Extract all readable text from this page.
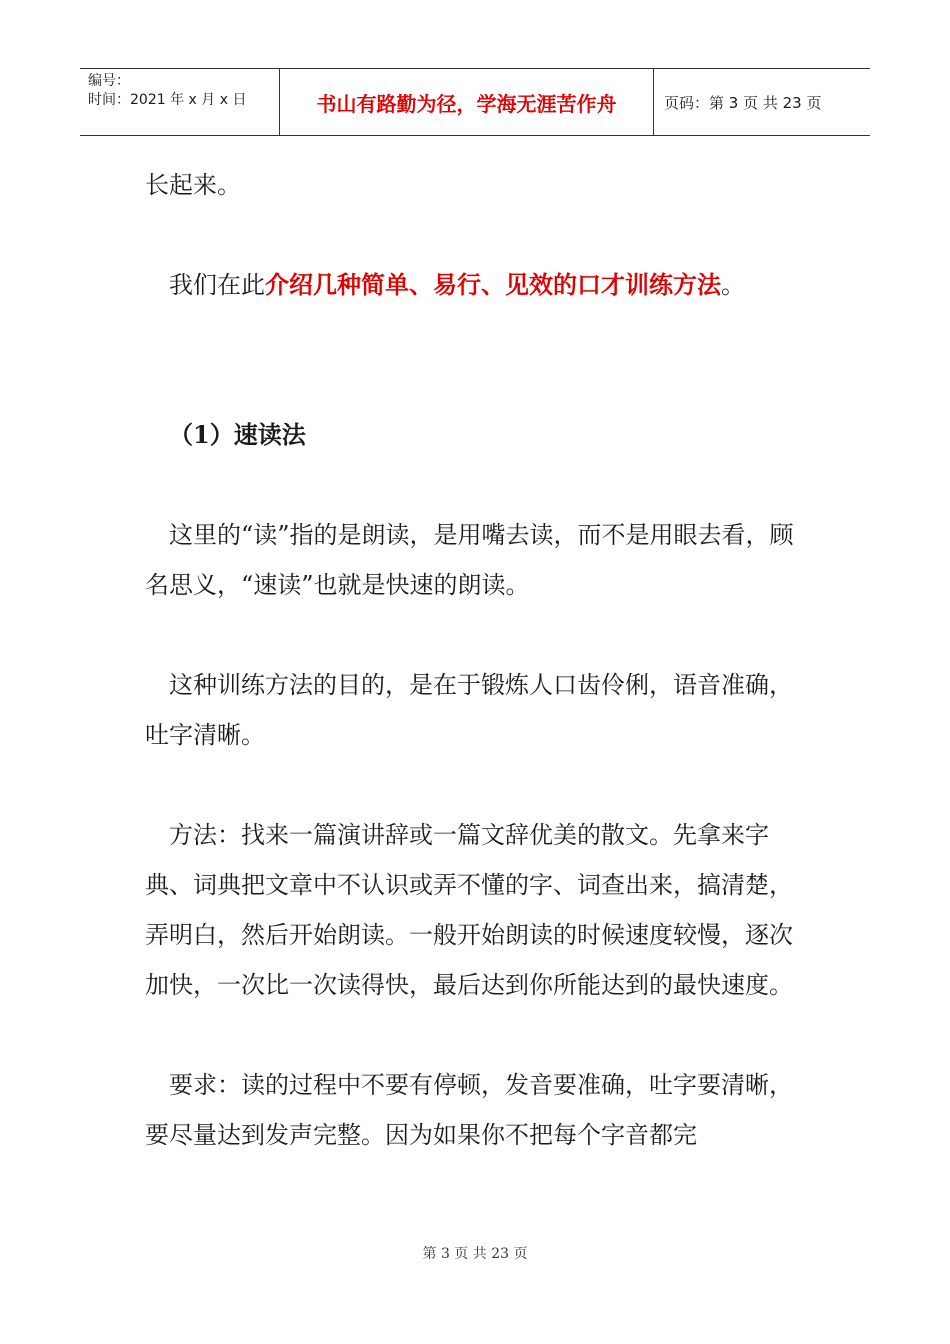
编号：
时间：2021 年 x 月 x 日	书山有路勤为径，学海无涯苦作舟	页码：第 3 页 共 23 页

长起来。

我们在此介绍几种简单、易行、见效的口才训练方法。

（1）速读法

这里的“读”指的是朗读，是用嘴去读，而不是用眼去看，顾名思义，“速读”也就是快速的朗读。

这种训练方法的目的，是在于锻炼人口齿伶俐，语音准确，吐字清晰。

方法：找来一篇演讲辞或一篇文辞优美的散文。先拿来字典、词典把文章中不认识或弄不懂的字、词查出来，搞清楚，弄明白，然后开始朗读。一般开始朗读的时候速度较慢，逐次加快，一次比一次读得快，最后达到你所能达到的最快速度。

要求：读的过程中不要有停顿，发音要准确，吐字要清晰，要尽量达到发声完整。因为如果你不把每个字音都完

第 3 页 共 23 页
